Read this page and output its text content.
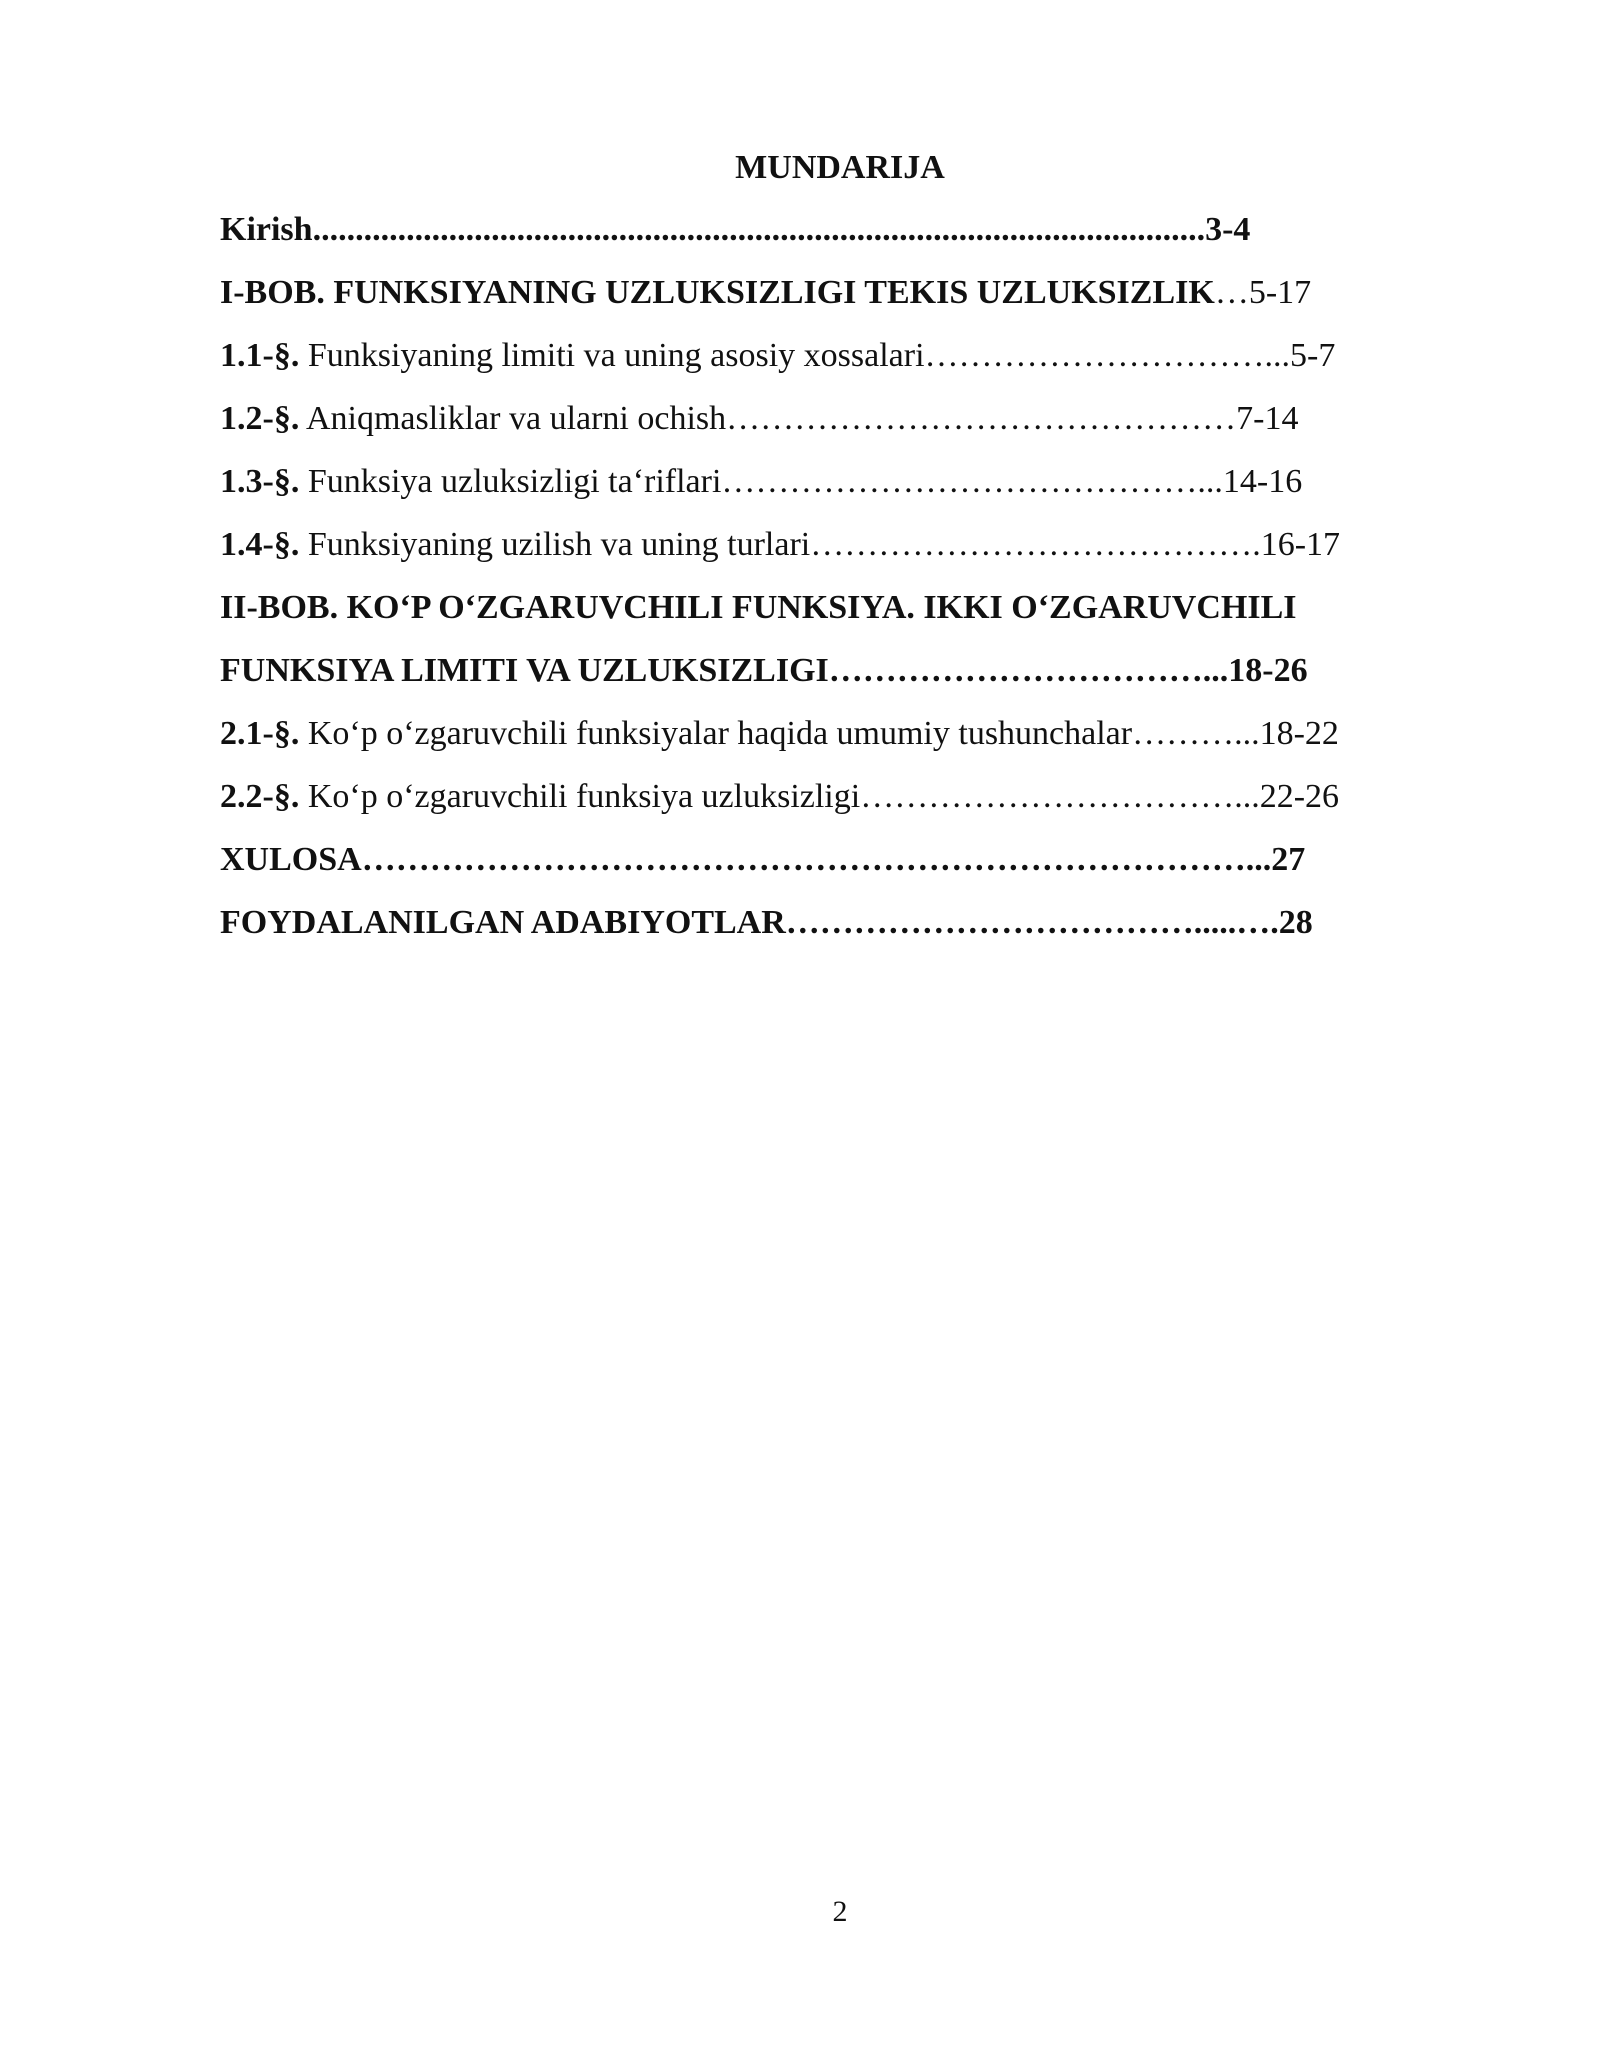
MUNDARIJA
Kirish.........................................................................................................3-4
I-BOB. FUNKSIYANING UZLUKSIZLIGI TEKIS UZLUKSIZLIK…5-17
1.1-§. Funksiyaning limiti va uning asosiy xossalari…………………………...5-7
1.2-§. Aniqmasliklar va ularni ochish………………………………………7-14
1.3-§. Funksiya uzluksizligi ta‘riflari……………………………………...14-16
1.4-§. Funksiyaning uzilish va uning turlari………………………………….16-17
II-BOB. KO‘P O‘ZGARUVCHILI FUNKSIYA. IKKI O‘ZGARUVCHILI
FUNKSIYA LIMITI VA UZLUKSIZLIGI……………………………...18-26
2.1-§. Ko‘p o‘zgaruvchili funksiyalar haqida umumiy tushunchalar………...18-22
2.2-§. Ko‘p o‘zgaruvchili funksiya uzluksizligi……………………………...22-26
XULOSA……………………………………………………………………...27
FOYDALANILGAN ADABIYOTLAR……………………………….....….28
2
